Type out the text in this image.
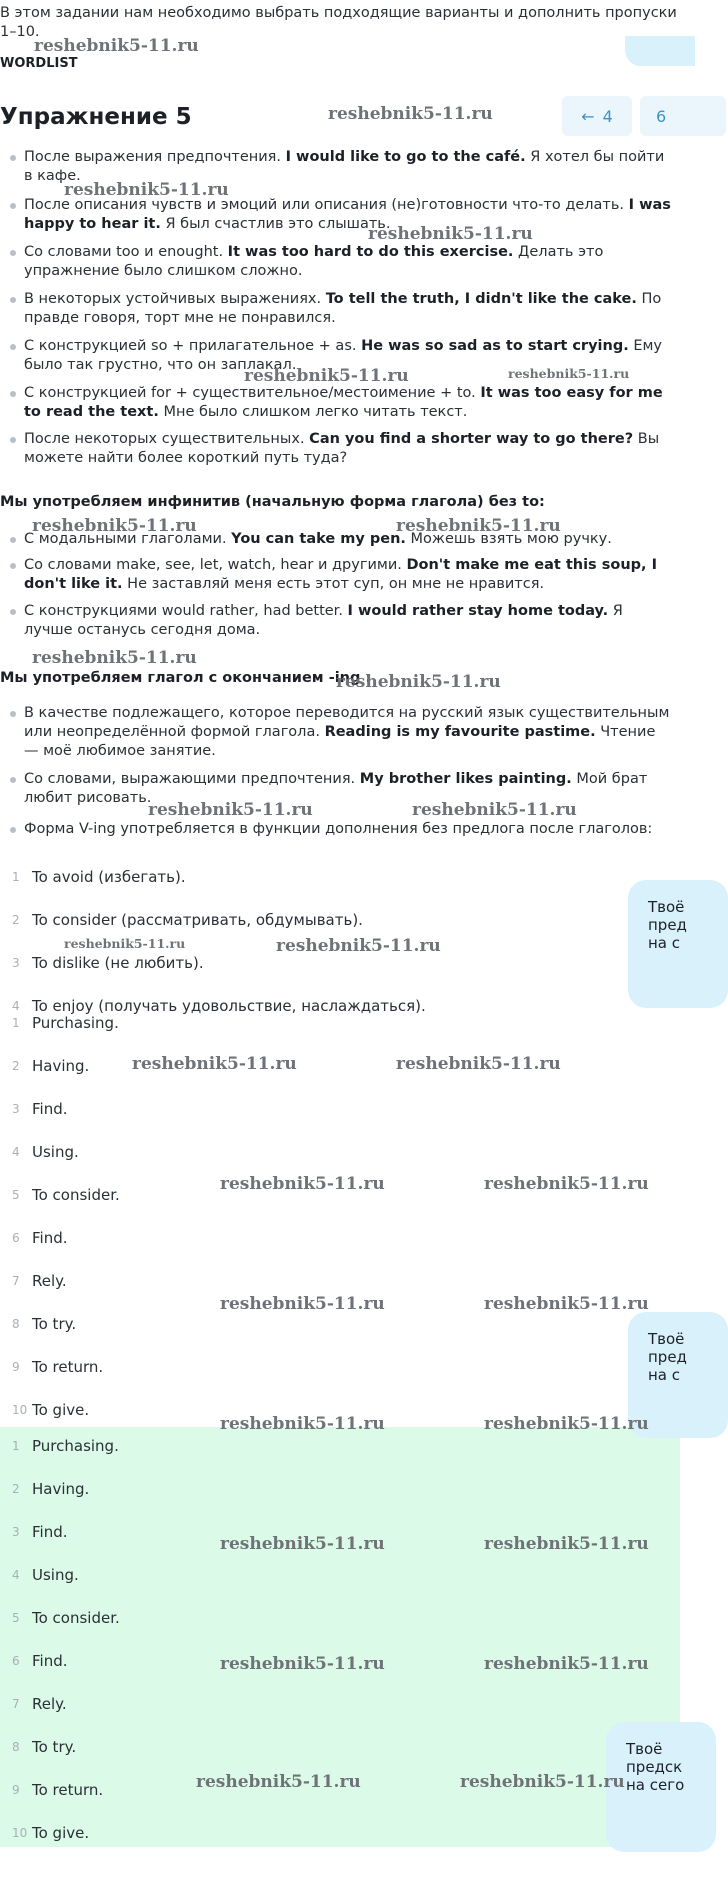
В этом задании нам необходимо выбрать подходящие варианты и дополнить пропуски 1–10.
WORDLIST
Упражнение 5	← 4	6
После выражения предпочтения. I would like to go to the café. Я хотел бы пойти в кафе.
После описания чувств и эмоций или описания (не)готовности что-то делать. I was happy to hear it. Я был счастлив это слышать.
Со словами too и enought. It was too hard to do this exercise. Делать это упражнение было слишком сложно.
В некоторых устойчивых выражениях. To tell the truth, I didn't like the cake. По правде говоря, торт мне не понравился.
С конструкцией so + прилагательное + as. He was so sad as to start crying. Ему было так грустно, что он заплакал.
С конструкцией for + существительное/местоимение + to. It was too easy for me to read the text. Мне было слишком легко читать текст.
После некоторых существительных. Can you find a shorter way to go there? Вы можете найти более короткий путь туда?
Мы употребляем инфинитив (начальную форма глагола) без to:
С модальными глаголами. You can take my pen. Можешь взять мою ручку.
Со словами make, see, let, watch, hear и другими. Don't make me eat this soup, I don't like it. Не заставляй меня есть этот суп, он мне не нравится.
С конструкциями would rather, had better. I would rather stay home today. Я лучше останусь сегодня дома.
Мы употребляем глагол с окончанием -ing :
В качестве подлежащего, которое переводится на русский язык существительным или неопределённой формой глагола. Reading is my favourite pastime. Чтение — моё любимое занятие.
Со словами, выражающими предпочтения. My brother likes painting. Мой брат любит рисовать.
Форма V-ing употребляется в функции дополнения без предлога после глаголов:
1 To avoid (избегать).
2 To consider (рассматривать, обдумывать).
3 To dislike (не любить).
4 To enjoy (получать удовольствие, наслаждаться).
1 Purchasing.
2 Having.
3 Find.
4 Using.
5 To consider.
6 Find.
7 Rely.
8 To try.
9 To return.
10 To give.
1 Purchasing.
2 Having.
3 Find.
4 Using.
5 To consider.
6 Find.
7 Rely.
8 To try.
9 To return.
10 To give.
Твоё
пред
на с
Твоё
пред
на с
Твоё
предск
на сего
reshebnik5-11.ru
reshebnik5-11.ru
reshebnik5-11.ru
reshebnik5-11.ru
reshebnik5-11.ru	reshebnik5-11.ru
reshebnik5-11.ru	reshebnik5-11.ru
reshebnik5-11.ru
reshebnik5-11.ru
reshebnik5-11.ru	reshebnik5-11.ru
reshebnik5-11.ru	reshebnik5-11.ru
reshebnik5-11.ru	reshebnik5-11.ru
reshebnik5-11.ru	reshebnik5-11.ru
reshebnik5-11.ru	reshebnik5-11.ru
reshebnik5-11.ru	reshebnik5-11.ru
reshebnik5-11.ru	reshebnik5-11.ru
reshebnik5-11.ru	reshebnik5-11.ru
reshebnik5-11.ru	reshebnik5-11.ru
